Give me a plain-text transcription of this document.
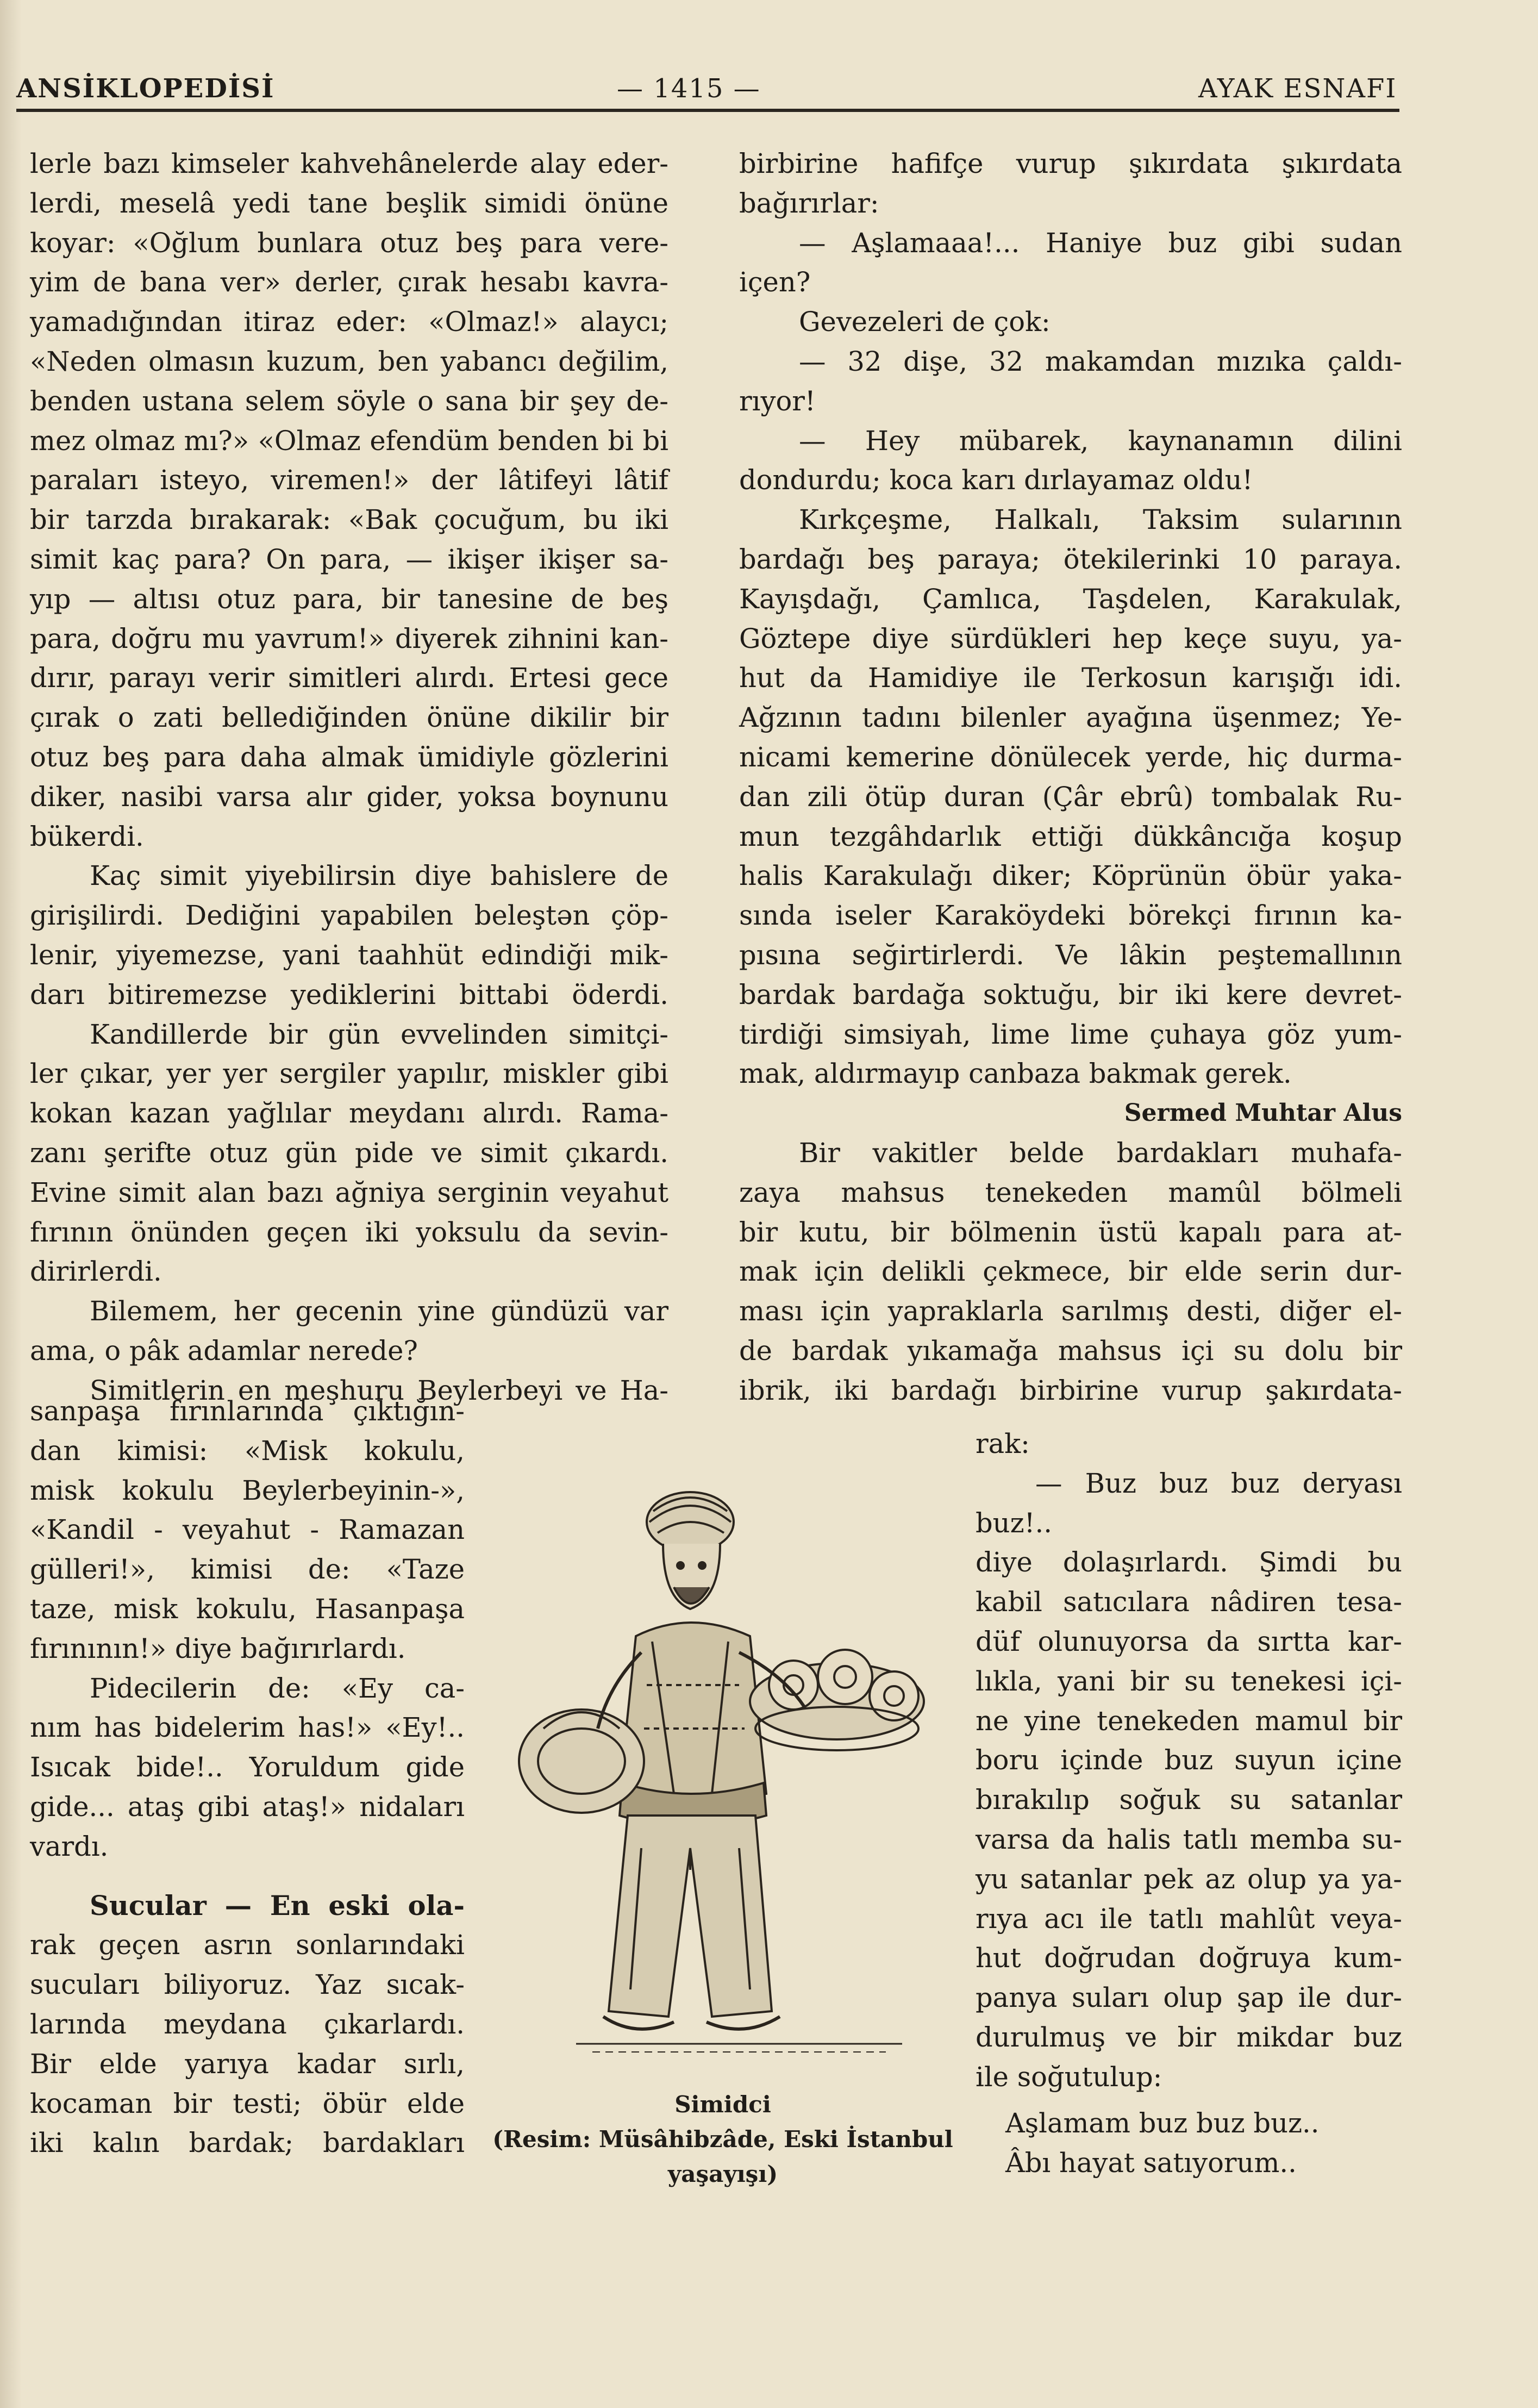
ANSİKLOPEDİSİ	— 1415 —	AYAK ESNAFI
lerle bazı kimseler kahvehânelerde alay eder-
lerdi, meselâ yedi tane beşlik simidi önüne
koyar: «Oğlum bunlara otuz beş para vere-
yim de bana ver» derler, çırak hesabı kavra-
yamadığından itiraz eder: «Olmaz!» alaycı;
«Neden olmasın kuzum, ben yabancı değilim,
benden ustana selem söyle o sana bir şey de-
mez olmaz mı?» «Olmaz efendüm benden bi bi
paraları isteyo, viremen!» der lâtifeyi lâtif
bir tarzda bırakarak: «Bak çocuğum, bu iki
simit kaç para? On para, — ikişer ikişer sa-
yıp — altısı otuz para, bir tanesine de beş
para, doğru mu yavrum!» diyerek zihnini kan-
dırır, parayı verir simitleri alırdı. Ertesi gece
çırak o zati bellediğinden önüne dikilir bir
otuz beş para daha almak ümidiyle gözlerini
diker, nasibi varsa alır gider, yoksa boynunu
bükerdi.
Kaç simit yiyebilirsin diye bahislere de
girişilirdi. Dediğini yapabilen beleştən çöp-
lenir, yiyemezse, yani taahhüt edindiği mik-
darı bitiremezse yediklerini bittabi öderdi.
Kandillerde bir gün evvelinden simitçi-
ler çıkar, yer yer sergiler yapılır, miskler gibi
kokan kazan yağlılar meydanı alırdı. Rama-
zanı şerifte otuz gün pide ve simit çıkardı.
Evine simit alan bazı ağniya serginin veyahut
fırının önünden geçen iki yoksulu da sevin-
dirirlerdi.
Bilemem, her gecenin yine gündüzü var
ama, o pâk adamlar nerede?
Simitlerin en meşhuru Beylerbeyi ve Ha-
sanpaşa fırınlarında çıktığın-
dan kimisi: «Misk kokulu,
misk kokulu Beylerbeyinin-»,
«Kandil - veyahut - Ramazan
gülleri!», kimisi de: «Taze
taze, misk kokulu, Hasanpaşa
fırınının!» diye bağırırlardı.
Pidecilerin de: «Ey ca-
nım has bidelerim has!» «Ey!..
Isıcak bide!.. Yoruldum gide
gide... ataş gibi ataş!» nidaları
vardı.
Sucular — En eski ola-
rak geçen asrın sonlarındaki
sucuları biliyoruz. Yaz sıcak-
larında meydana çıkarlardı.
Bir elde yarıya kadar sırlı,
kocaman bir testi; öbür elde
iki kalın bardak; bardakları
Simidci
(Resim: Müsâhibzâde, Eski İstanbul
yaşayışı)
birbirine hafifçe vurup şıkırdata şıkırdata
bağırırlar:
— Aşlamaaa!... Haniye buz gibi sudan
içen?
Gevezeleri de çok:
— 32 dişe, 32 makamdan mızıka çaldı-
rıyor!
— Hey mübarek, kaynanamın dilini
dondurdu; koca karı dırlayamaz oldu!
Kırkçeşme, Halkalı, Taksim sularının
bardağı beş paraya; ötekilerinki 10 paraya.
Kayışdağı, Çamlıca, Taşdelen, Karakulak,
Göztepe diye sürdükleri hep keçe suyu, ya-
hut da Hamidiye ile Terkosun karışığı idi.
Ağzının tadını bilenler ayağına üşenmez; Ye-
nicami kemerine dönülecek yerde, hiç durma-
dan zili ötüp duran (Çâr ebrû) tombalak Ru-
mun tezgâhdarlık ettiği dükkâncığa koşup
halis Karakulağı diker; Köprünün öbür yaka-
sında iseler Karaköydeki börekçi fırının ka-
pısına seğirtirlerdi. Ve lâkin peştemallının
bardak bardağa soktuğu, bir iki kere devret-
tirdiği simsiyah, lime lime çuhaya göz yum-
mak, aldırmayıp canbaza bakmak gerek.
Sermed Muhtar Alus
Bir vakitler belde bardakları muhafa-
zaya mahsus tenekeden mamûl bölmeli
bir kutu, bir bölmenin üstü kapalı para at-
mak için delikli çekmece, bir elde serin dur-
ması için yapraklarla sarılmış desti, diğer el-
de bardak yıkamağa mahsus içi su dolu bir
ibrik, iki bardağı birbirine vurup şakırdata-
rak:
— Buz buz buz deryası
buz!..
diye dolaşırlardı. Şimdi bu
kabil satıcılara nâdiren tesa-
düf olunuyorsa da sırtta kar-
lıkla, yani bir su tenekesi içi-
ne yine tenekeden mamul bir
boru içinde buz suyun içine
bırakılıp soğuk su satanlar
varsa da halis tatlı memba su-
yu satanlar pek az olup ya ya-
rıya acı ile tatlı mahlût veya-
hut doğrudan doğruya kum-
panya suları olup şap ile dur-
durulmuş ve bir mikdar buz
ile soğutulup:
Aşlamam buz buz buz..
Âbı hayat satıyorum..
